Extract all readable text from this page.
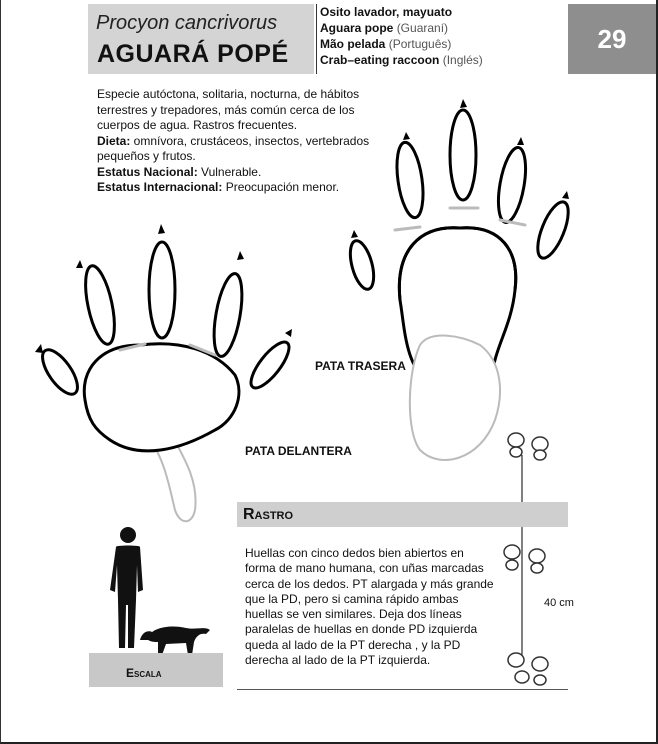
Procyon cancrivorus
AGUARÁ POPÉ
Osito lavador, mayuato
Aguara pope (Guaraní)
Mão pelada (Português)
Crab–eating raccoon (Inglés)
29
Especie autóctona, solitaria, nocturna, de hábitos terrestres y trepadores, más común cerca de los cuerpos de agua. Rastros frecuentes.
Dieta: omnívora, crustáceos, insectos, vertebrados pequeños y frutos.
Estatus Nacional: Vulnerable.
Estatus Internacional: Preocupación menor.
PATA TRASERA
PATA DELANTERA
Rastro
Huellas con cinco dedos bien abiertos en forma de mano humana, con uñas marcadas cerca de los dedos. PT alargada y más grande que la PD, pero si camina rápido ambas huellas se ven similares. Deja dos líneas paralelas de huellas en donde PD izquierda queda al lado de la PT derecha , y la PD derecha al lado de la PT izquierda.
40 cm
Escala
